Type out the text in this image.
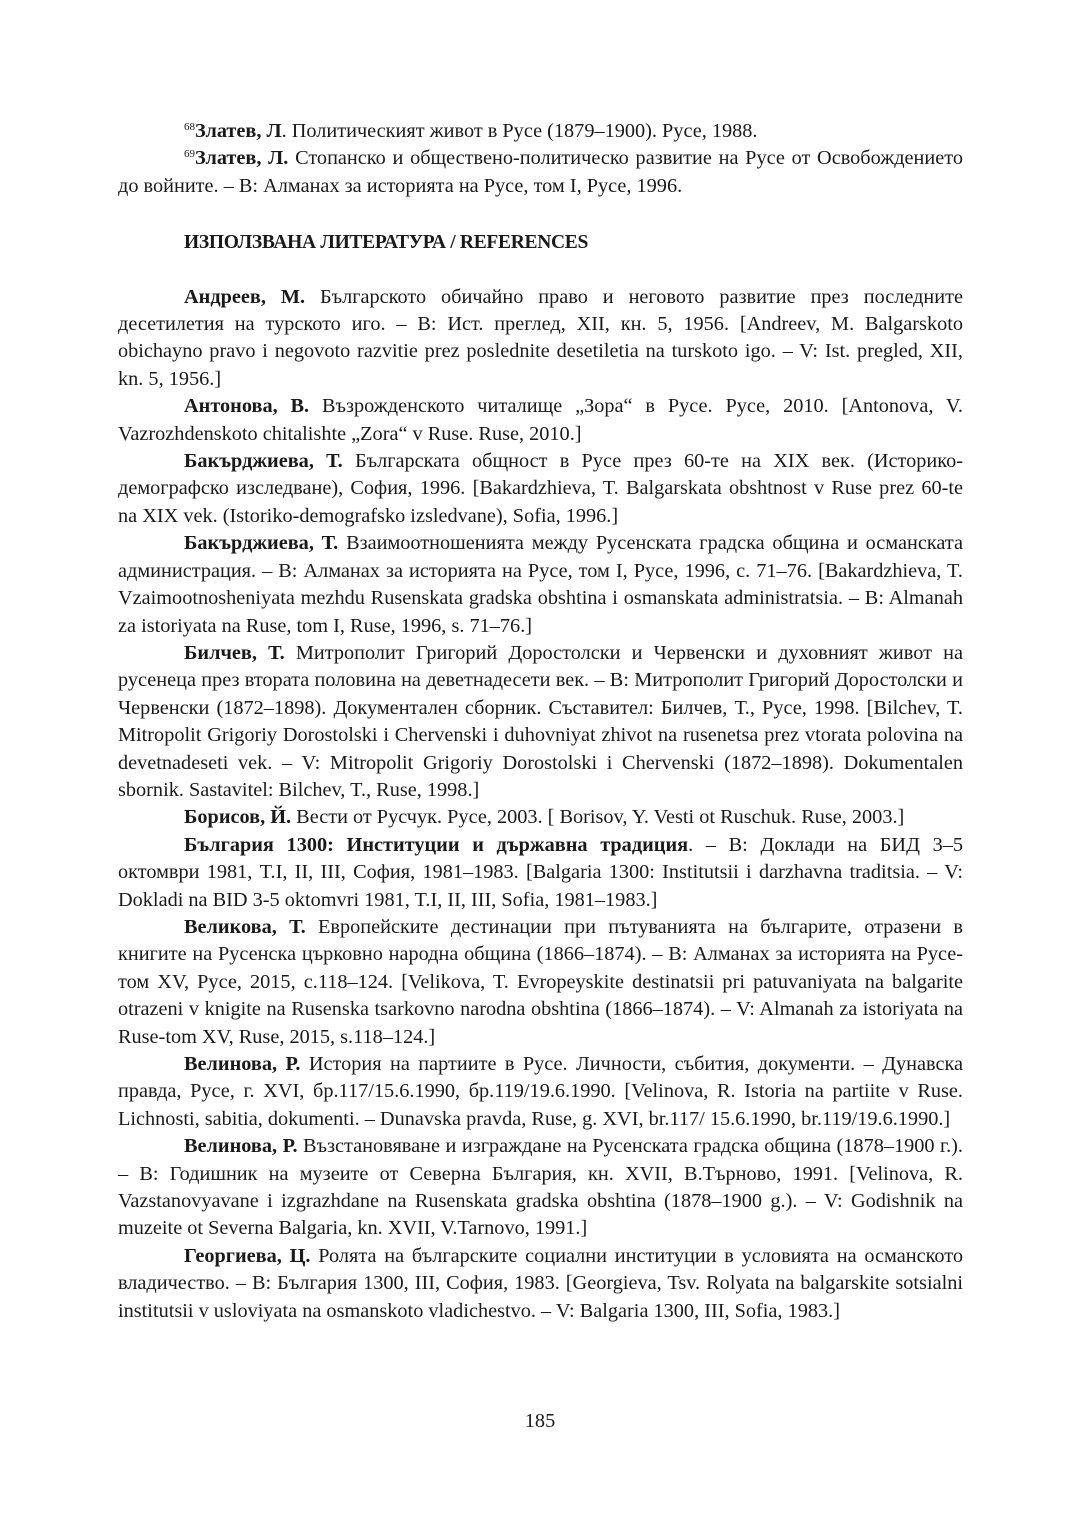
$^{68}$Златев, Л. Политическият живот в Русе (1879–1900). Русе, 1988.

$^{69}$Златев, Л. Стопанско и обществено-политическо развитие на Русе от Освобождението до войните. – В: Алманах за историята на Русе, том I, Русе, 1996.

ИЗПОЛЗВАНА ЛИТЕРАТУРА / REFERENCES

Андреев, М. Българското обичайно право и неговото развитие през последните десетилетия на турското иго. – В: Ист. преглед, XII, кн. 5, 1956. [Andreev, M. Balgarskoto obichayno pravo i negovoto razvitie prez poslednite desetiletia na turskoto igo. – V: Ist. pregled, XII, kn. 5, 1956.]

Антонова, В. Възрожденското читалище „Зора“ в Русе. Русе, 2010. [Antonova, V. Vazrozhdenskoto chitalishte „Zora“ v Ruse. Ruse, 2010.]

Бакърджиева, Т. Българската общност в Русе през 60-те на XIX век. (Историко-демографско изследване), София, 1996. [Bakardzhieva, T. Balgarskata obshtnost v Ruse prez 60-te na XIX vek. (Istoriko-demografsko izsledvane), Sofia, 1996.]

Бакърджиева, Т. Взаимоотношенията между Русенската градска община и османската администрация. – В: Алманах за историята на Русе, том I, Русе, 1996, с. 71–76. [Bakardzhieva, T. Vzaimootnosheniyata mezhdu Rusenskata gradska obshtina i osmanskata administratsia. – B: Almanah za istoriyata na Ruse, tom I, Ruse, 1996, s. 71–76.]

Билчев, Т. Митрополит Григорий Доростолски и Червенски и духовният живот на русенеца през втората половина на деветнадесети век. – В: Митрополит Григорий Доростолски и Червенски (1872–1898). Документален сборник. Съставител: Билчев, Т., Русе, 1998. [Bilchev, T. Mitropolit Grigoriy Dorostolski i Chervenski i duhovniyat zhivot na rusenetsa prez vtorata polovina na devetnadeseti vek. – V: Mitropolit Grigoriy Dorostolski i Chervenski (1872–1898). Dokumentalen sbornik. Sastavitel: Bilchev, T., Ruse, 1998.]

Борисов, Й. Вести от Русчук. Русе, 2003. [ Borisov, Y. Vesti ot Ruschuk. Ruse, 2003.]

България 1300: Институции и държавна традиция. – В: Доклади на БИД 3–5 октомври 1981, T.I, II, III, София, 1981–1983. [Balgaria 1300: Institutsii i darzhavna traditsia. – V: Dokladi na BID 3-5 oktomvri 1981, T.I, II, III, Sofia, 1981–1983.]

Великова, Т. Европейските дестинации при пътуванията на българите, отразени в книгите на Русенска църковно народна община (1866–1874). – В: Алманах за историята на Русе-том XV, Русе, 2015, с.118–124. [Velikova, T. Evropeyskite destinatsii pri patuvaniyata na balgarite otrazeni v knigite na Rusenska tsarkovno narodna obshtina (1866–1874). – V: Almanah za istoriyata na Ruse-tom XV, Ruse, 2015, s.118–124.]

Велинова, Р. История на партиите в Русе. Личности, събития, документи. – Дунавска правда, Русе, г. XVI, бр.117/15.6.1990, бр.119/19.6.1990. [Velinova, R. Istoria na partiite v Ruse. Lichnosti, sabitia, dokumenti. – Dunavska pravda, Ruse, g. XVI, br.117/ 15.6.1990, br.119/19.6.1990.]

Велинова, Р. Възстановяване и изграждане на Русенската градска община (1878–1900 г.). – В: Годишник на музеите от Северна България, кн. XVII, В.Търново, 1991. [Velinova, R. Vazstanovyavane i izgrazhdane na Rusenskata gradska obshtina (1878–1900 g.). – V: Godishnik na muzeite ot Severna Balgaria, kn. XVII, V.Tarnovo, 1991.]

Георгиева, Ц. Ролята на българските социални институции в условията на османското владичество. – В: България 1300, III, София, 1983. [Georgieva, Tsv. Rolyata na balgarskite sotsialni institutsii v usloviyata na osmanskoto vladichestvo. – V: Balgaria 1300, III, Sofia, 1983.]

185
